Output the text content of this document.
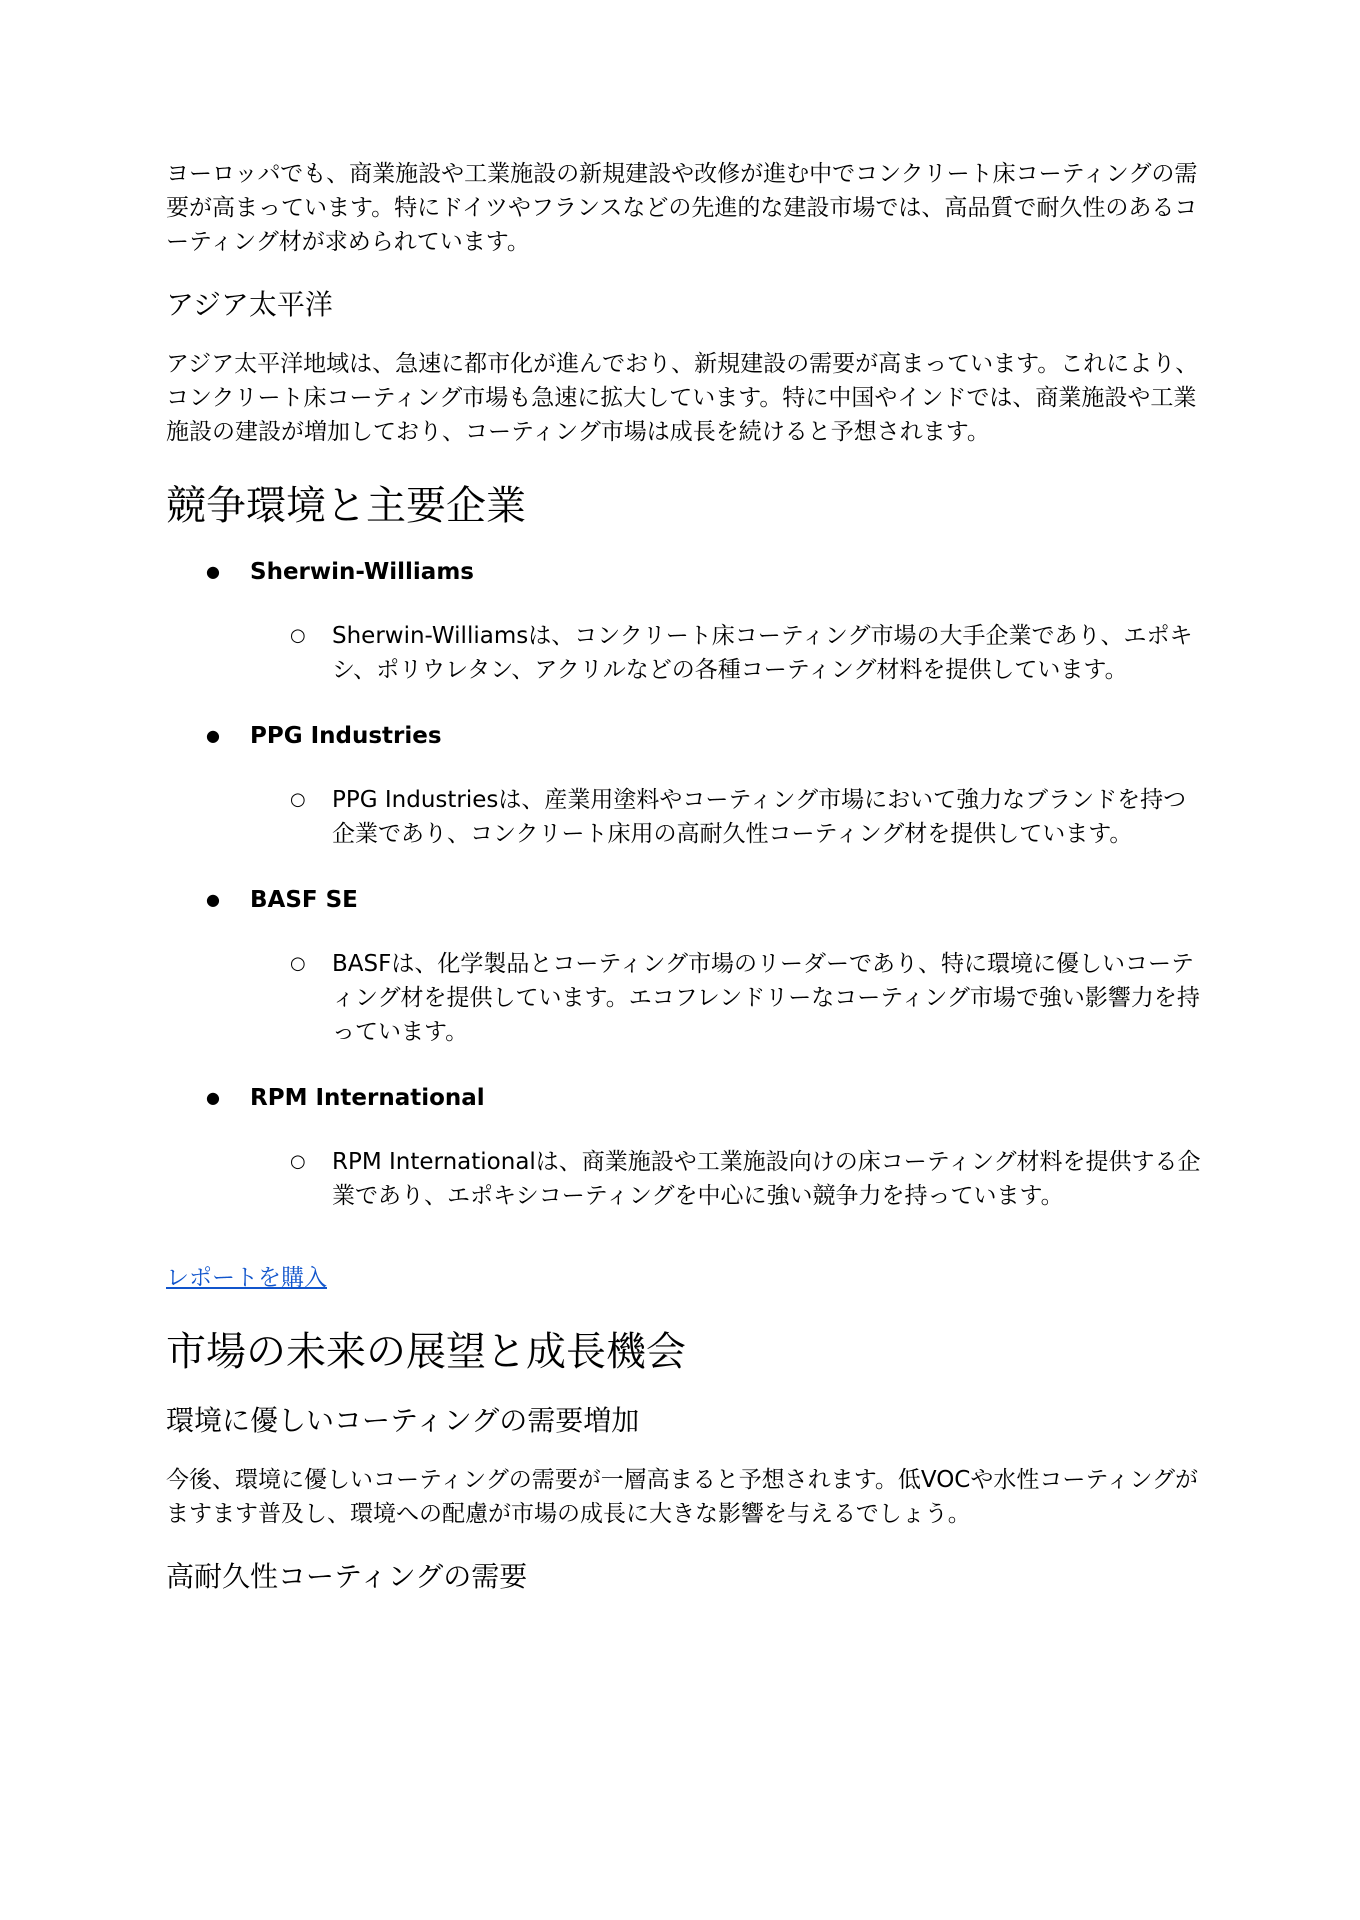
ヨーロッパでも、商業施設や工業施設の新規建設や改修が進む中でコンクリート床コーティングの需要が高まっています。特にドイツやフランスなどの先進的な建設市場では、高品質で耐久性のあるコーティング材が求められています。

アジア太平洋

アジア太平洋地域は、急速に都市化が進んでおり、新規建設の需要が高まっています。これにより、コンクリート床コーティング市場も急速に拡大しています。特に中国やインドでは、商業施設や工業施設の建設が増加しており、コーティング市場は成長を続けると予想されます。

競争環境と主要企業
● Sherwin-Williams
○ Sherwin-Williamsは、コンクリート床コーティング市場の大手企業であり、エポキシ、ポリウレタン、アクリルなどの各種コーティング材料を提供しています。
● PPG Industries
○ PPG Industriesは、産業用塗料やコーティング市場において強力なブランドを持つ企業であり、コンクリート床用の高耐久性コーティング材を提供しています。
● BASF SE
○ BASFは、化学製品とコーティング市場のリーダーであり、特に環境に優しいコーティング材を提供しています。エコフレンドリーなコーティング市場で強い影響力を持っています。
● RPM International
○ RPM Internationalは、商業施設や工業施設向けの床コーティング材料を提供する企業であり、エポキシコーティングを中心に強い競争力を持っています。

レポートを購入

市場の未来の展望と成長機会
環境に優しいコーティングの需要増加

今後、環境に優しいコーティングの需要が一層高まると予想されます。低VOCや水性コーティングがますます普及し、環境への配慮が市場の成長に大きな影響を与えるでしょう。

高耐久性コーティングの需要
